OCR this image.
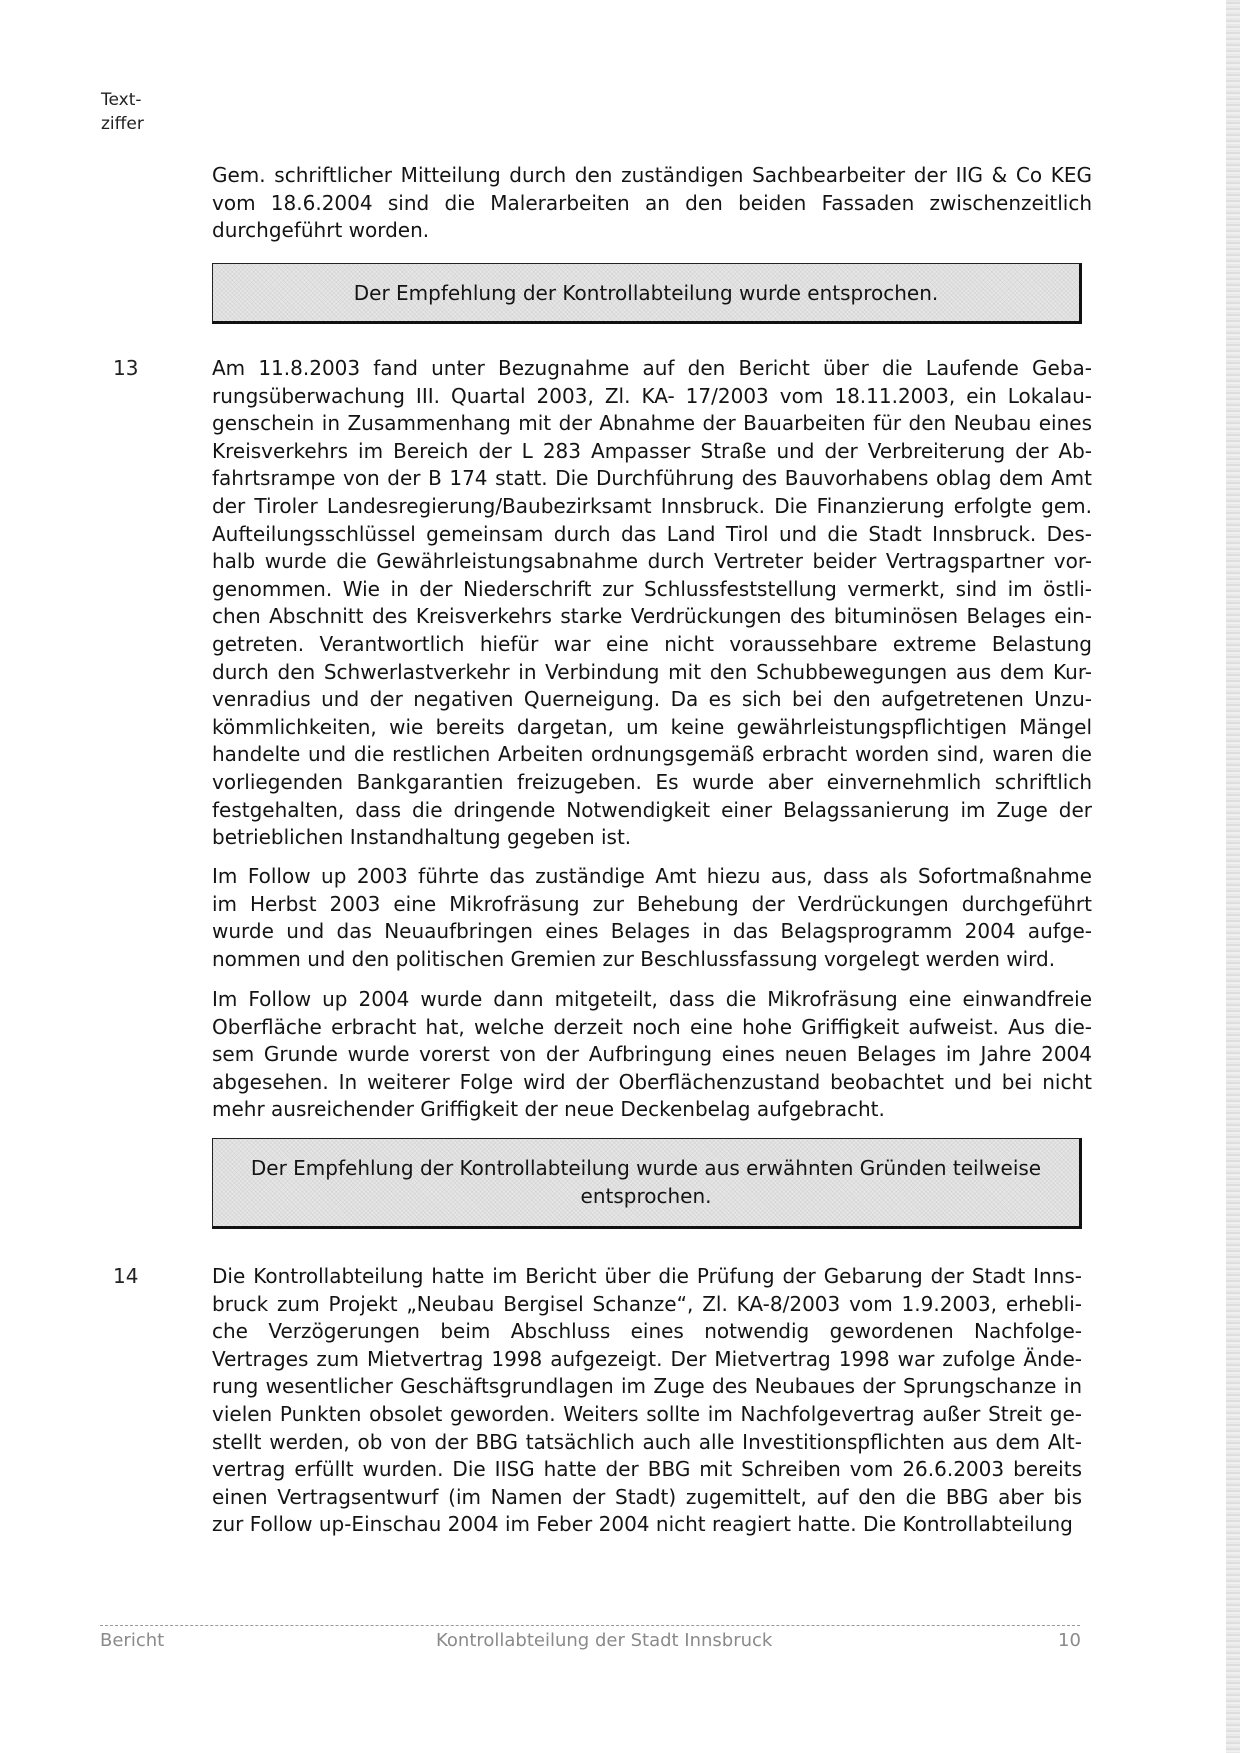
Text-
ziffer
Gem. schriftlicher Mitteilung durch den zuständigen Sachbearbeiter der IIG & Co KEG
vom 18.6.2004 sind die Malerarbeiten an den beiden Fassaden zwischenzeitlich
durchgeführt worden.
Der Empfehlung der Kontrollabteilung wurde entsprochen.
13	Am 11.8.2003 fand unter Bezugnahme auf den Bericht über die Laufende Geba-
rungsüberwachung III. Quartal 2003, Zl. KA- 17/2003 vom 18.11.2003, ein Lokalau-
genschein in Zusammenhang mit der Abnahme der Bauarbeiten für den Neubau eines
Kreisverkehrs im Bereich der L 283 Ampasser Straße und der Verbreiterung der Ab-
fahrtsrampe von der B 174 statt. Die Durchführung des Bauvorhabens oblag dem Amt
der Tiroler Landesregierung/Baubezirksamt Innsbruck. Die Finanzierung erfolgte gem.
Aufteilungsschlüssel gemeinsam durch das Land Tirol und die Stadt Innsbruck. Des-
halb wurde die Gewährleistungsabnahme durch Vertreter beider Vertragspartner vor-
genommen. Wie in der Niederschrift zur Schlussfeststellung vermerkt, sind im östli-
chen Abschnitt des Kreisverkehrs starke Verdrückungen des bituminösen Belages ein-
getreten. Verantwortlich hiefür war eine nicht voraussehbare extreme Belastung
durch den Schwerlastverkehr in Verbindung mit den Schubbewegungen aus dem Kur-
venradius und der negativen Querneigung. Da es sich bei den aufgetretenen Unzu-
kömmlichkeiten, wie bereits dargetan, um keine gewährleistungspflichtigen Mängel
handelte und die restlichen Arbeiten ordnungsgemäß erbracht worden sind, waren die
vorliegenden Bankgarantien freizugeben. Es wurde aber einvernehmlich schriftlich
festgehalten, dass die dringende Notwendigkeit einer Belagssanierung im Zuge der
betrieblichen Instandhaltung gegeben ist.
Im Follow up 2003 führte das zuständige Amt hiezu aus, dass als Sofortmaßnahme
im Herbst 2003 eine Mikrofräsung zur Behebung der Verdrückungen durchgeführt
wurde und das Neuaufbringen eines Belages in das Belagsprogramm 2004 aufge-
nommen und den politischen Gremien zur Beschlussfassung vorgelegt werden wird.
Im Follow up 2004 wurde dann mitgeteilt, dass die Mikrofräsung eine einwandfreie
Oberfläche erbracht hat, welche derzeit noch eine hohe Griffigkeit aufweist. Aus die-
sem Grunde wurde vorerst von der Aufbringung eines neuen Belages im Jahre 2004
abgesehen. In weiterer Folge wird der Oberflächenzustand beobachtet und bei nicht
mehr ausreichender Griffigkeit der neue Deckenbelag aufgebracht.
Der Empfehlung der Kontrollabteilung wurde aus erwähnten Gründen teilweise
entsprochen.
14	Die Kontrollabteilung hatte im Bericht über die Prüfung der Gebarung der Stadt Inns-
bruck zum Projekt „Neubau Bergisel Schanze“, Zl. KA-8/2003 vom 1.9.2003, erhebli-
che Verzögerungen beim Abschluss eines notwendig gewordenen Nachfolge-
Vertrages zum Mietvertrag 1998 aufgezeigt. Der Mietvertrag 1998 war zufolge Ände-
rung wesentlicher Geschäftsgrundlagen im Zuge des Neubaues der Sprungschanze in
vielen Punkten obsolet geworden. Weiters sollte im Nachfolgevertrag außer Streit ge-
stellt werden, ob von der BBG tatsächlich auch alle Investitionspflichten aus dem Alt-
vertrag erfüllt wurden. Die IISG hatte der BBG mit Schreiben vom 26.6.2003 bereits
einen Vertragsentwurf (im Namen der Stadt) zugemittelt, auf den die BBG aber bis
zur Follow up-Einschau 2004 im Feber 2004 nicht reagiert hatte. Die Kontrollabteilung
Bericht	Kontrollabteilung der Stadt Innsbruck	10
